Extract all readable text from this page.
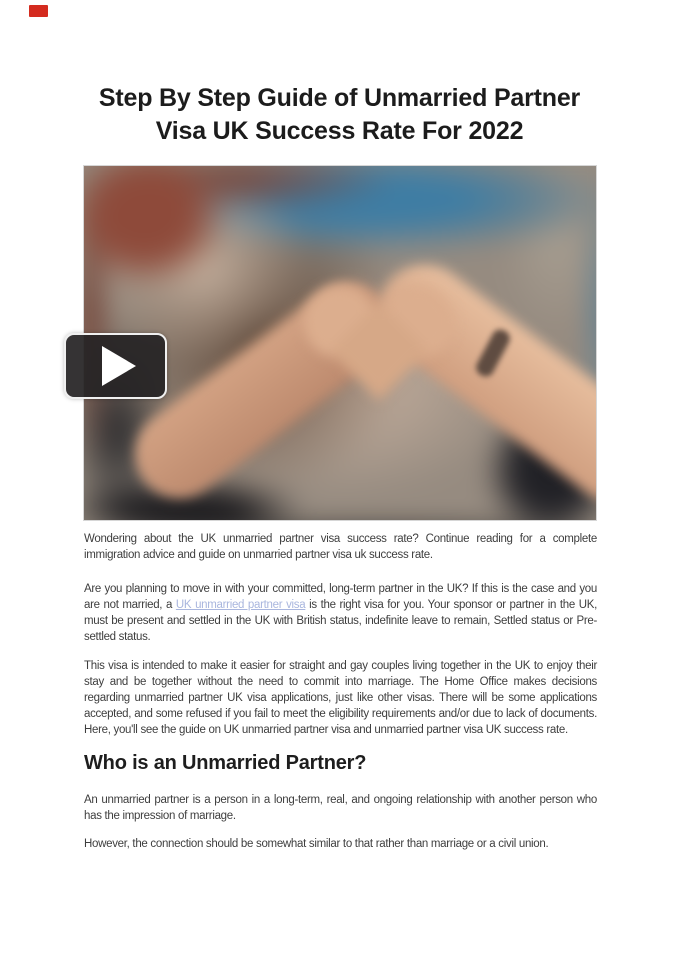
Step By Step Guide of Unmarried Partner
Visa UK Success Rate For 2022

Wondering about the UK unmarried partner visa success rate? Continue reading for a complete immigration advice and guide on unmarried partner visa uk success rate.

Are you planning to move in with your committed, long-term partner in the UK? If this is the case and you are not married, a UK unmarried partner visa is the right visa for you. Your sponsor or partner in the UK, must be present and settled in the UK with British status, indefinite leave to remain, Settled status or Pre-settled status.

This visa is intended to make it easier for straight and gay couples living together in the UK to enjoy their stay and be together without the need to commit into marriage. The Home Office makes decisions regarding unmarried partner UK visa applications, just like other visas. There will be some applications accepted, and some refused if you fail to meet the eligibility requirements and/or due to lack of documents. Here, you'll see the guide on UK unmarried partner visa and unmarried partner visa UK success rate.

Who is an Unmarried Partner?

An unmarried partner is a person in a long-term, real, and ongoing relationship with another person who has the impression of marriage.

However, the connection should be somewhat similar to that rather than marriage or a civil union.
